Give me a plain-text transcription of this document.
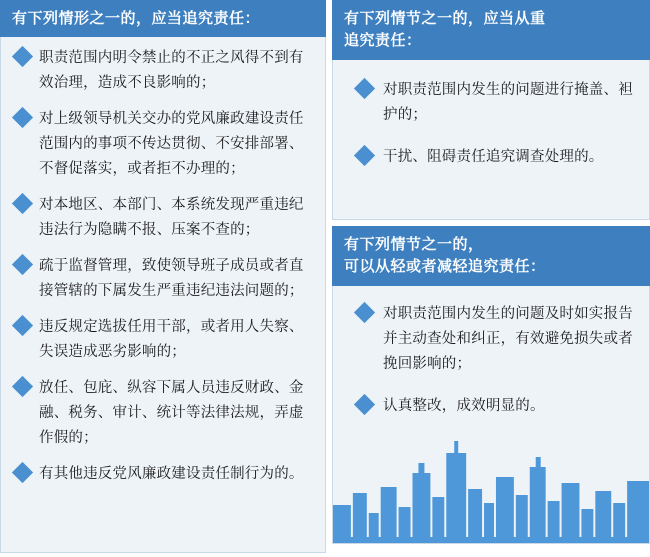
有下列情形之一的，应当追究责任：
职责范围内明令禁止的不正之风得不到有效治理，造成不良影响的；
对上级领导机关交办的党风廉政建设责任范围内的事项不传达贯彻、不安排部署、不督促落实，或者拒不办理的；
对本地区、本部门、本系统发现严重违纪违法行为隐瞒不报、压案不查的；
疏于监督管理，致使领导班子成员或者直接管辖的下属发生严重违纪违法问题的；
违反规定选拔任用干部，或者用人失察、失误造成恶劣影响的；
放任、包庇、纵容下属人员违反财政、金融、税务、审计、统计等法律法规，弄虚作假的；
有其他违反党风廉政建设责任制行为的。
有下列情节之一的，应当从重
追究责任：
对职责范围内发生的问题进行掩盖、袒护的；
干扰、阻碍责任追究调查处理的。
有下列情节之一的，
可以从轻或者减轻追究责任：
对职责范围内发生的问题及时如实报告并主动查处和纠正，有效避免损失或者挽回影响的；
认真整改，成效明显的。
